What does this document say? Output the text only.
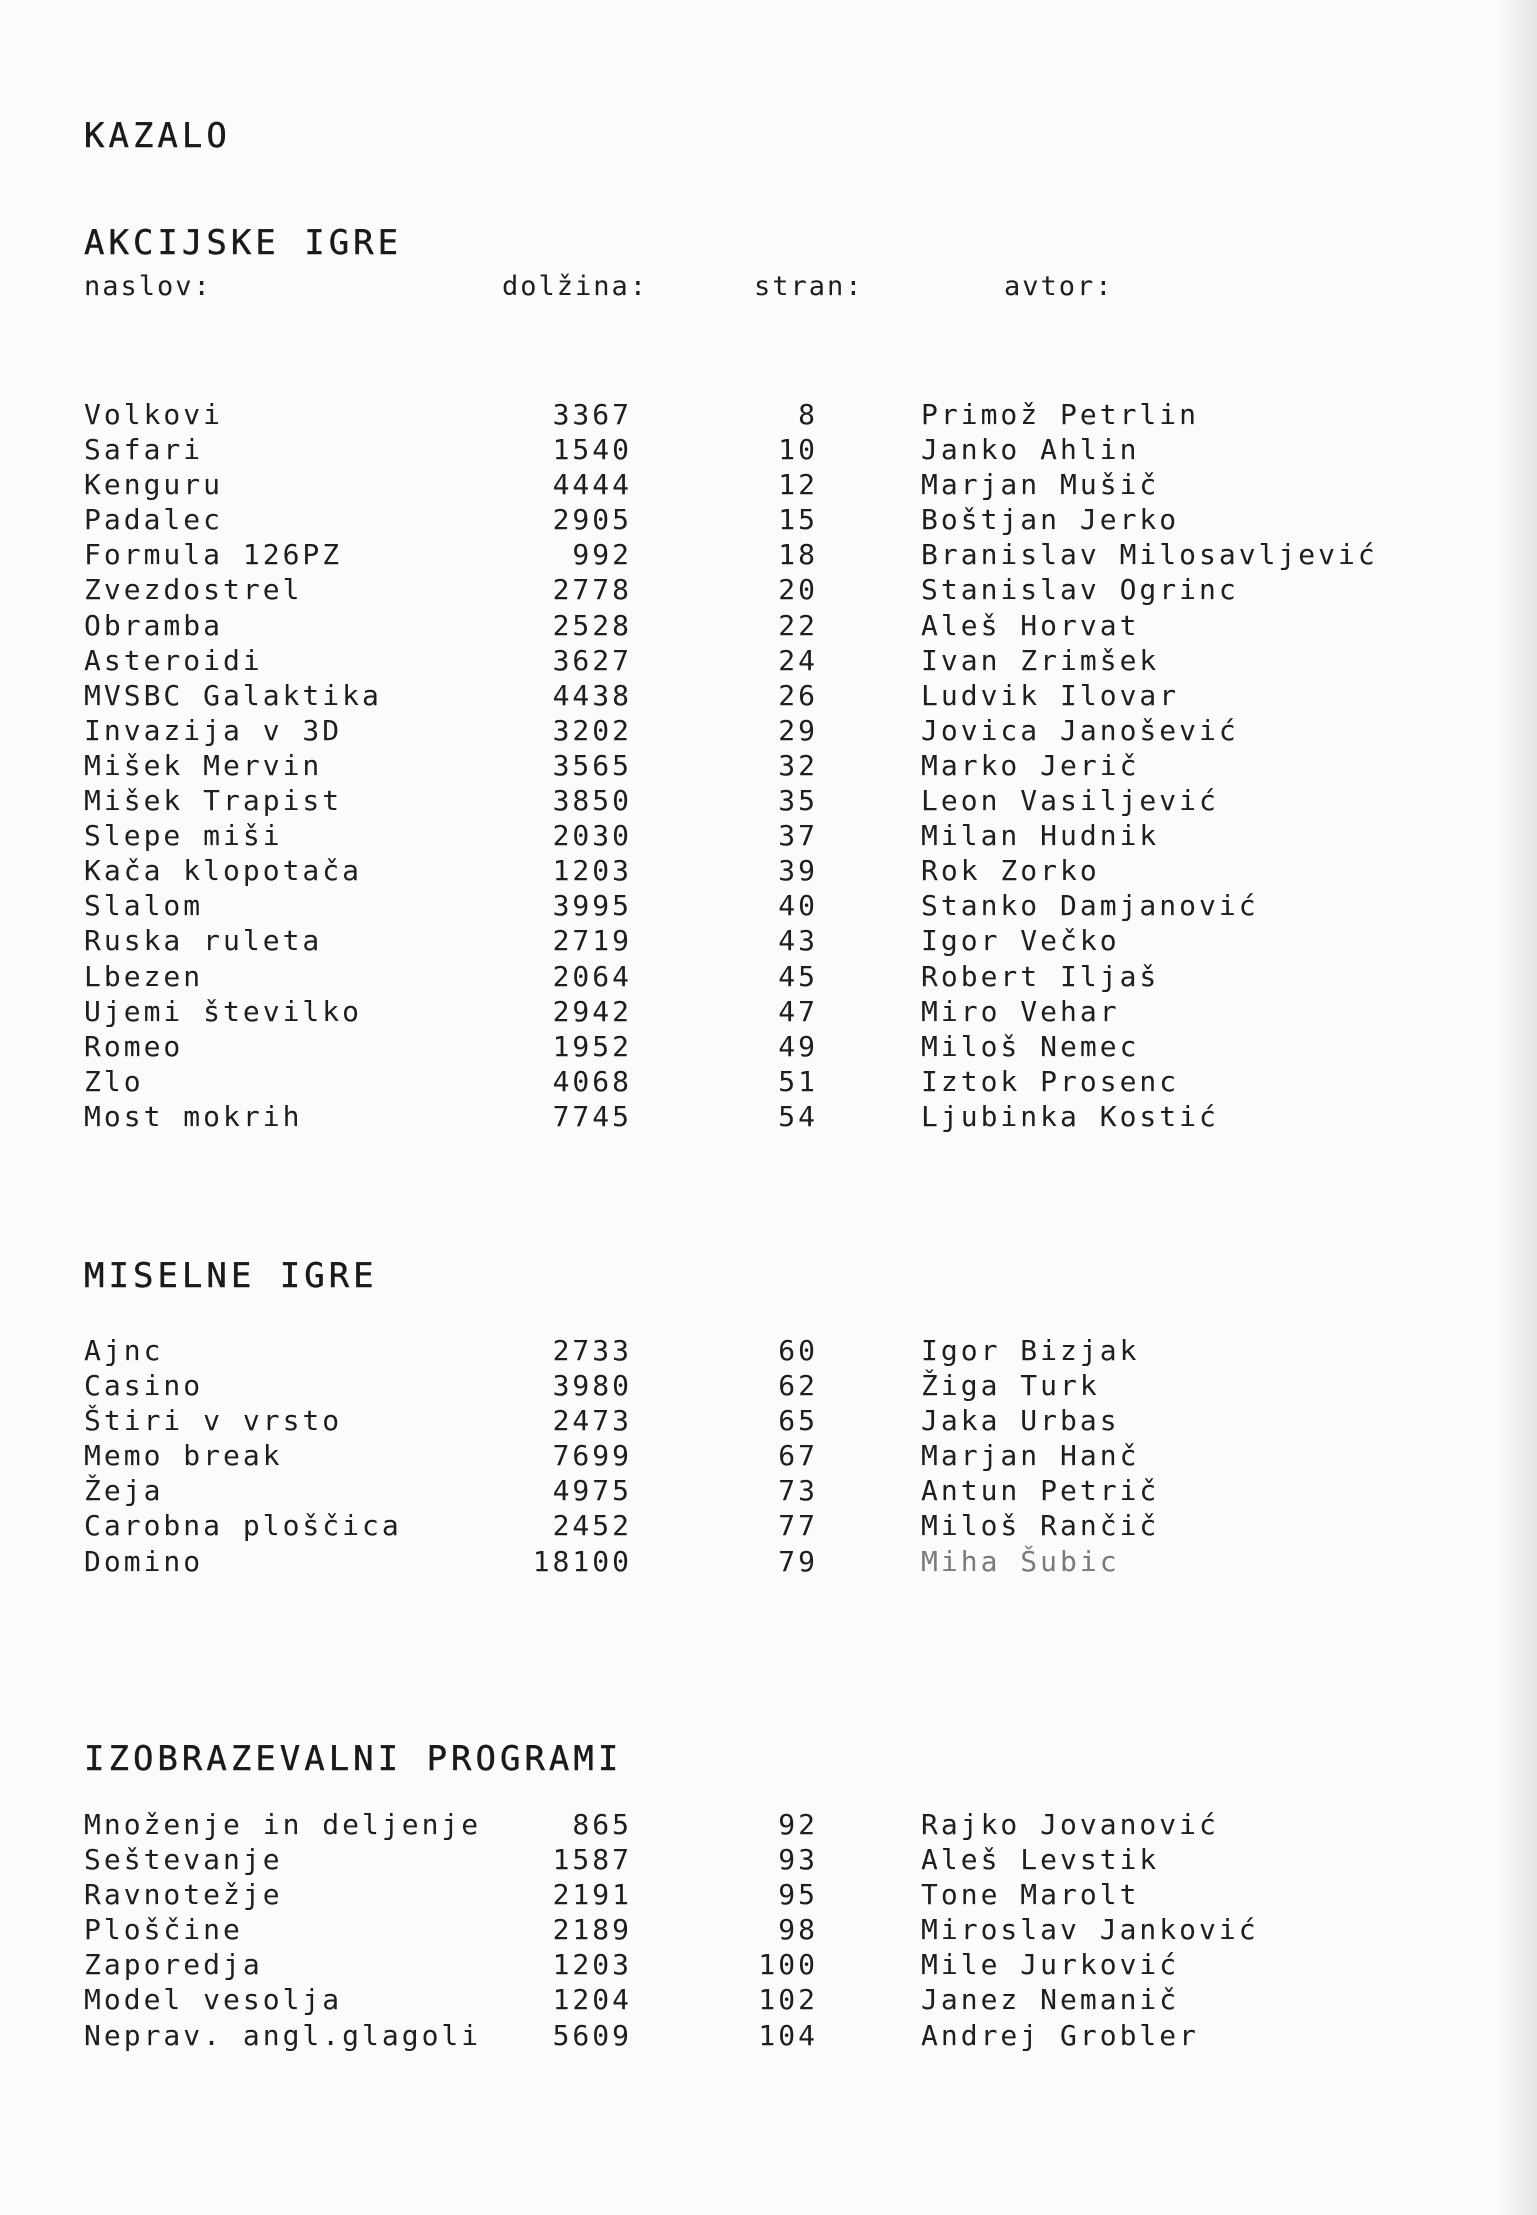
KAZALO
AKCIJSKE IGRE
naslov:	dolžina:	stran:	avtor:
Volkovi	3367	8	Primož Petrlin
Safari	1540	10	Janko Ahlin
Kenguru	4444	12	Marjan Mušič
Padalec	2905	15	Boštjan Jerko
Formula 126PZ	992	18	Branislav Milosavljević
Zvezdostrel	2778	20	Stanislav Ogrinc
Obramba	2528	22	Aleš Horvat
Asteroidi	3627	24	Ivan Zrimšek
MVSBC Galaktika	4438	26	Ludvik Ilovar
Invazija v 3D	3202	29	Jovica Janošević
Mišek Mervin	3565	32	Marko Jerič
Mišek Trapist	3850	35	Leon Vasiljević
Slepe miši	2030	37	Milan Hudnik
Kača klopotača	1203	39	Rok Zorko
Slalom	3995	40	Stanko Damjanović
Ruska ruleta	2719	43	Igor Večko
Lbezen	2064	45	Robert Iljaš
Ujemi številko	2942	47	Miro Vehar
Romeo	1952	49	Miloš Nemec
Zlo	4068	51	Iztok Prosenc
Most mokrih	7745	54	Ljubinka Kostić
MISELNE IGRE
Ajnc	2733	60	Igor Bizjak
Casino	3980	62	Žiga Turk
Štiri v vrsto	2473	65	Jaka Urbas
Memo break	7699	67	Marjan Hanč
Žeja	4975	73	Antun Petrič
Carobna ploščica	2452	77	Miloš Rančič
Domino	18100	79	Miha Šubic
IZOBRAZEVALNI PROGRAMI
Množenje in deljenje	865	92	Rajko Jovanović
Seštevanje	1587	93	Aleš Levstik
Ravnotežje	2191	95	Tone Marolt
Ploščine	2189	98	Miroslav Janković
Zaporedja	1203	100	Mile Jurković
Model vesolja	1204	102	Janez Nemanič
Neprav. angl.glagoli	5609	104	Andrej Grobler
